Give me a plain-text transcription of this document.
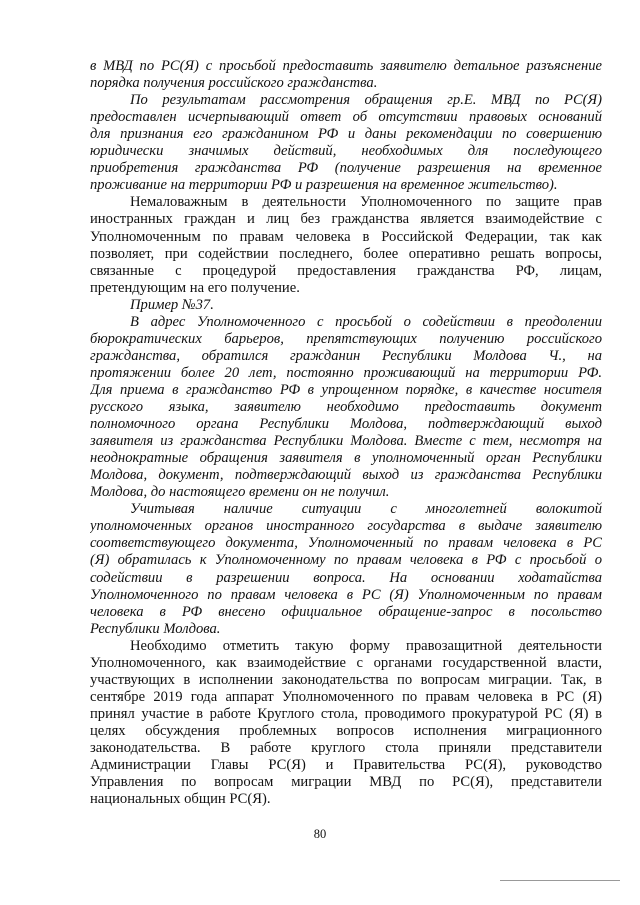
в МВД по РС(Я) с просьбой предоставить заявителю детальное разъяснение
порядка получения российского гражданства.
По результатам рассмотрения обращения гр.Е. МВД по РС(Я)
предоставлен исчерпывающий ответ об отсутствии правовых оснований
для признания его гражданином РФ и даны рекомендации по совершению
юридически значимых действий, необходимых для последующего
приобретения гражданства РФ (получение разрешения на временное
проживание на территории РФ и разрешения на временное жительство).
Немаловажным в деятельности Уполномоченного по защите прав
иностранных граждан и лиц без гражданства является взаимодействие с
Уполномоченным по правам человека в Российской Федерации, так как
позволяет, при содействии последнего, более оперативно решать вопросы,
связанные с процедурой предоставления гражданства РФ, лицам,
претендующим на его получение.
Пример №37.
В адрес Уполномоченного с просьбой о содействии в преодолении
бюрократических барьеров, препятствующих получению российского
гражданства, обратился гражданин Республики Молдова Ч., на
протяжении более 20 лет, постоянно проживающий на территории РФ.
Для приема в гражданство РФ в упрощенном порядке, в качестве носителя
русского языка, заявителю необходимо предоставить документ
полномочного органа Республики Молдова, подтверждающий выход
заявителя из гражданства Республики Молдова. Вместе с тем, несмотря на
неоднократные обращения заявителя в уполномоченный орган Республики
Молдова, документ, подтверждающий выход из гражданства Республики
Молдова, до настоящего времени он не получил.
Учитывая наличие ситуации с многолетней волокитой
уполномоченных органов иностранного государства в выдаче заявителю
соответствующего документа, Уполномоченный по правам человека в РС
(Я) обратилась к Уполномоченному по правам человека в РФ с просьбой о
содействии в разрешении вопроса. На основании ходатайства
Уполномоченного по правам человека в РС (Я) Уполномоченным по правам
человека в РФ внесено официальное обращение-запрос в посольство
Республики Молдова.
Необходимо отметить такую форму правозащитной деятельности
Уполномоченного, как взаимодействие с органами государственной власти,
участвующих в исполнении законодательства по вопросам миграции. Так, в
сентябре 2019 года аппарат Уполномоченного по правам человека в РС (Я)
принял участие в работе Круглого стола, проводимого прокуратурой РС (Я) в
целях обсуждения проблемных вопросов исполнения миграционного
законодательства. В работе круглого стола приняли представители
Администрации Главы РС(Я) и Правительства РС(Я), руководство
Управления по вопросам миграции МВД по РС(Я), представители
национальных общин РС(Я).
80
